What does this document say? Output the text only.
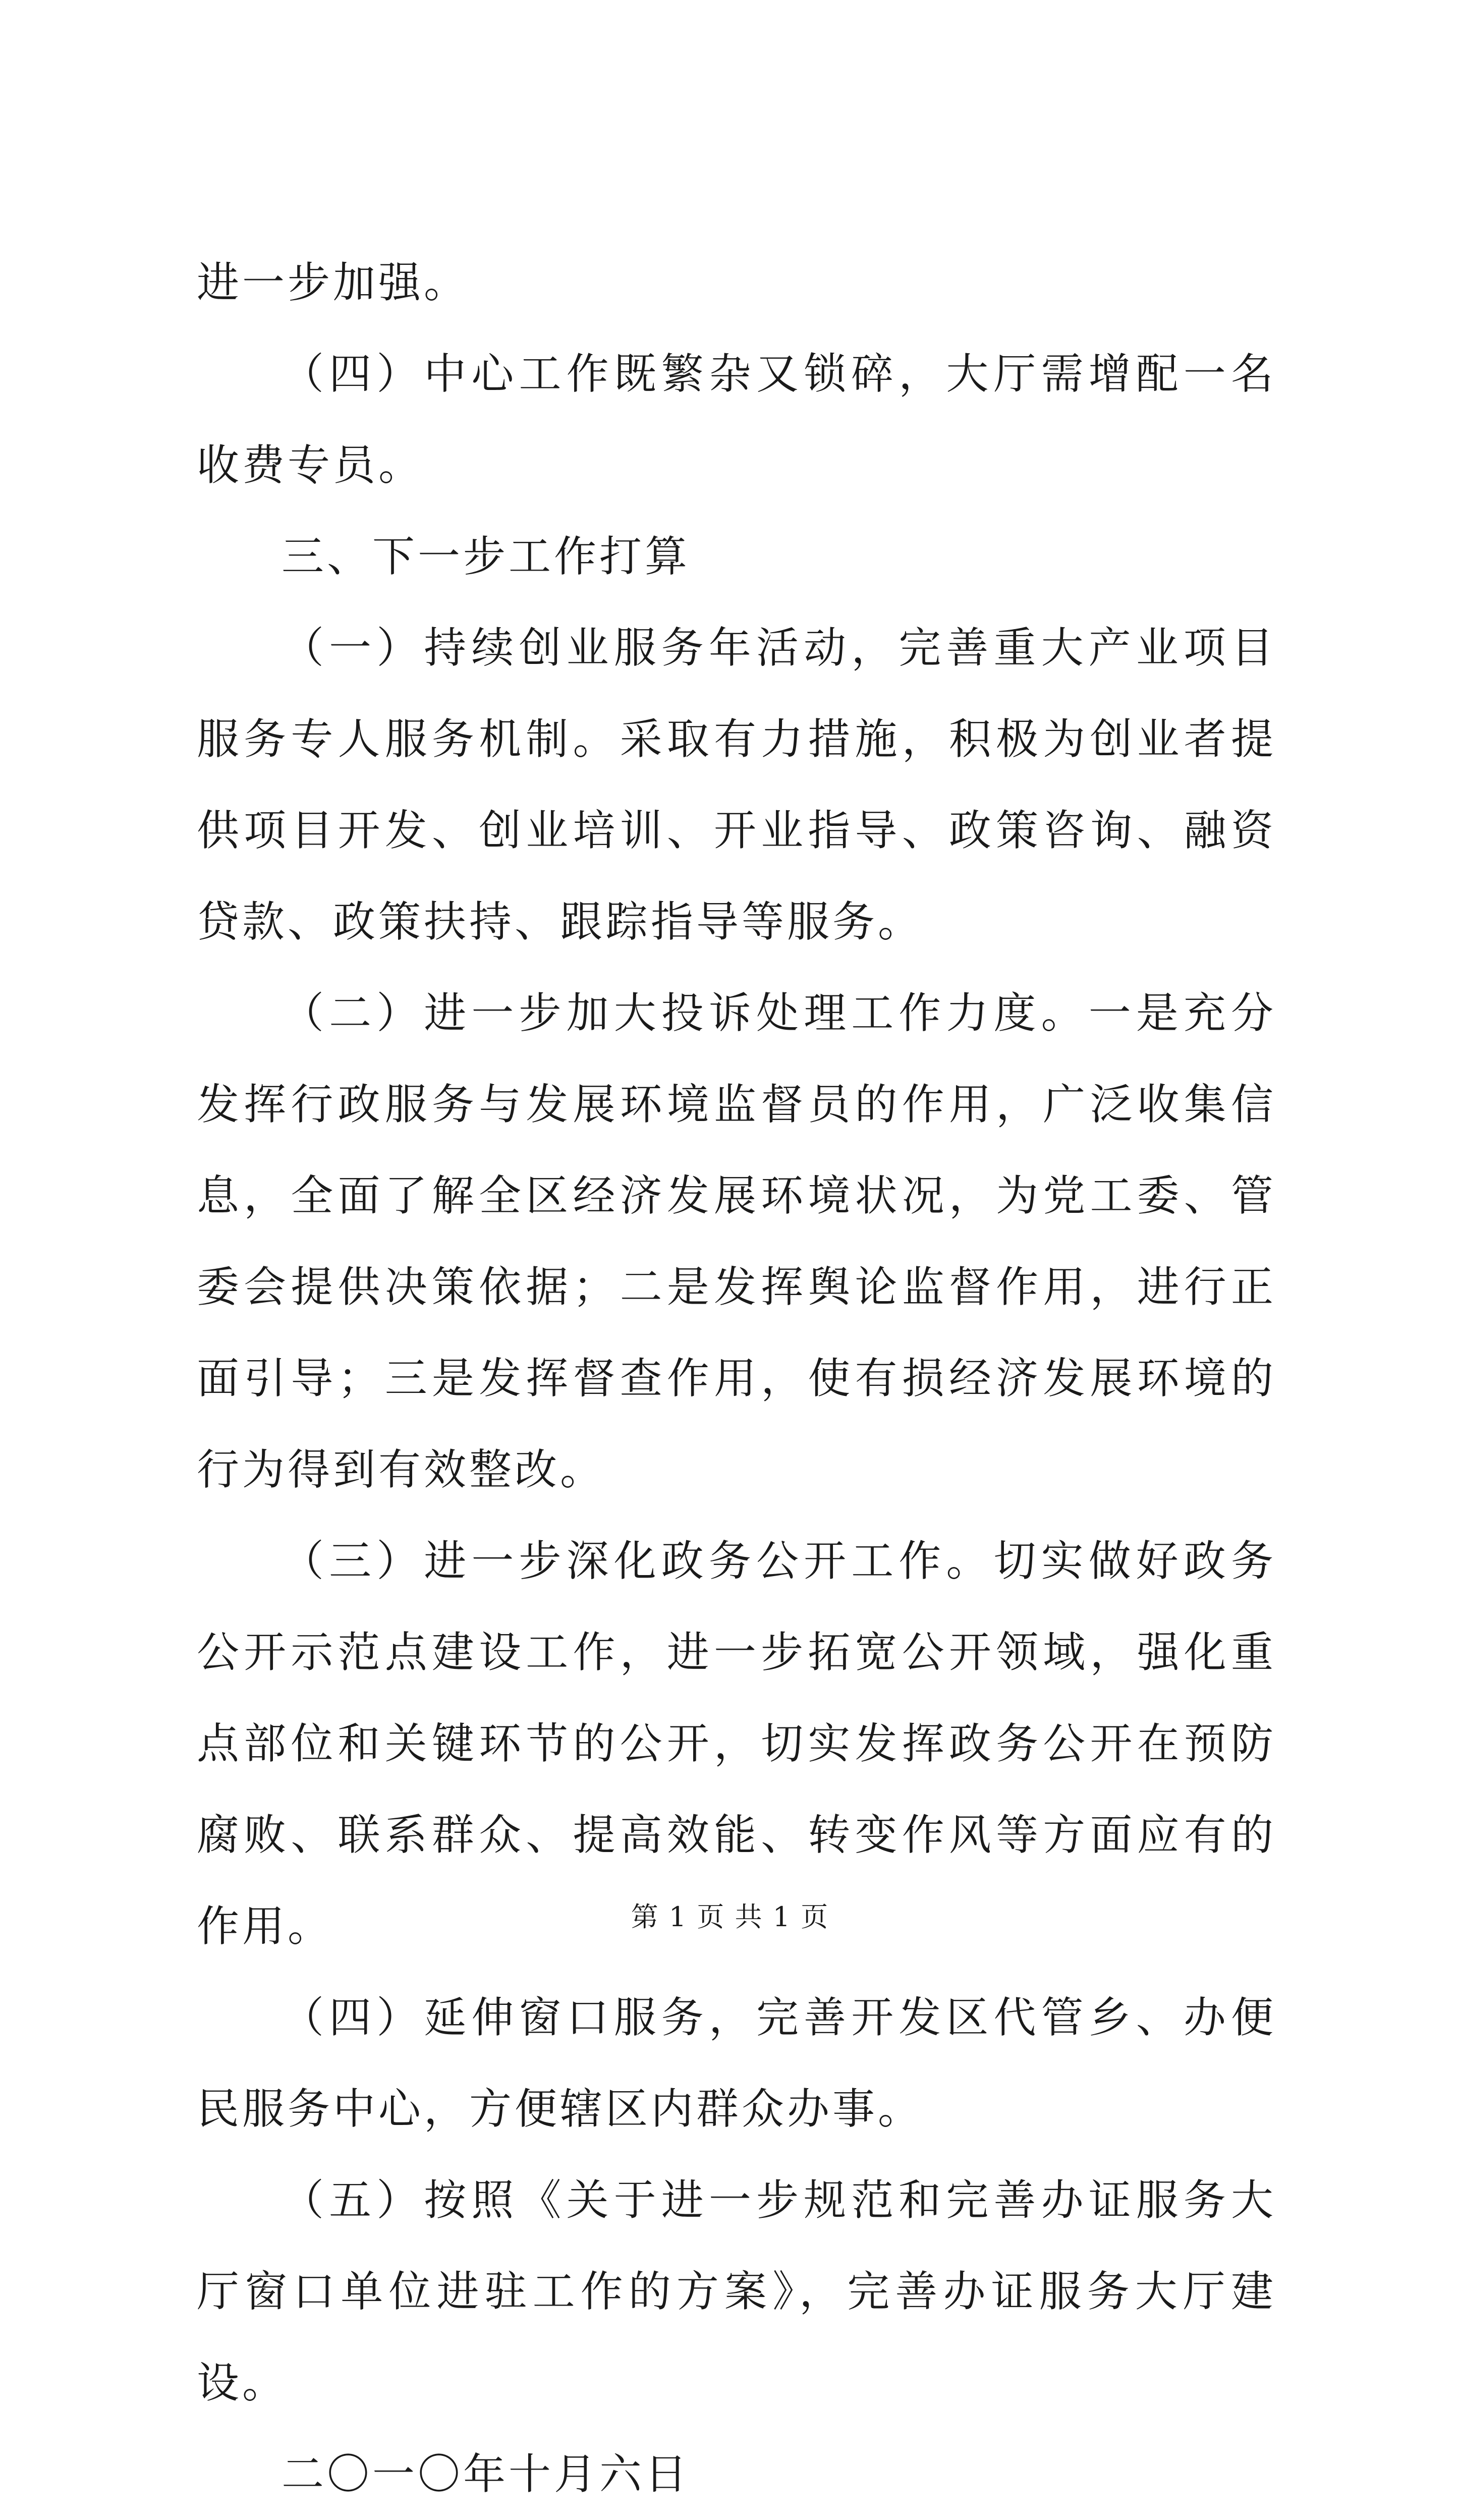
进一步加强。

（四）中心工作既繁杂又锁碎，大厅需增配一名收费专员。

三、下一步工作打算

（一）持续创业服务年活动，完善重大产业项目服务专人服务机制。采取有力措施，积极为创业者提供项目开发、创业培训、开业指导、政策咨询、融资贷款、政策扶持、跟踪指导等服务。

（二）进一步加大投诉处理工作力度。一是充分发挥行政服务与发展环境监督员的作用，广泛收集信息，全面了解全区经济发展环境状况，为党工委、管委会提供决策依据；二是发挥舆论监督作用，进行正面引导；三是发挥督查作用，使有损经济发展环境的行为得到有效整改。

（三）进一步深化政务公开工作。切实做好政务公开示范点建设工作，进一步拓宽公开领域，强化重点部位和关键环节的公开，切实发挥政务公开在预防腐败、联系群众、提高效能、转变作风等方面应有的作用。

（四）延伸窗口服务，完善开发区代管乡、办便民服务中心，方便辖区内群众办事。

（五）按照《关于进一步规范和完善办证服务大厅窗口单位进驻工作的方案》，完善办证服务大厅建设。

二〇一〇年十月六日

第 1 页 共 1 页
